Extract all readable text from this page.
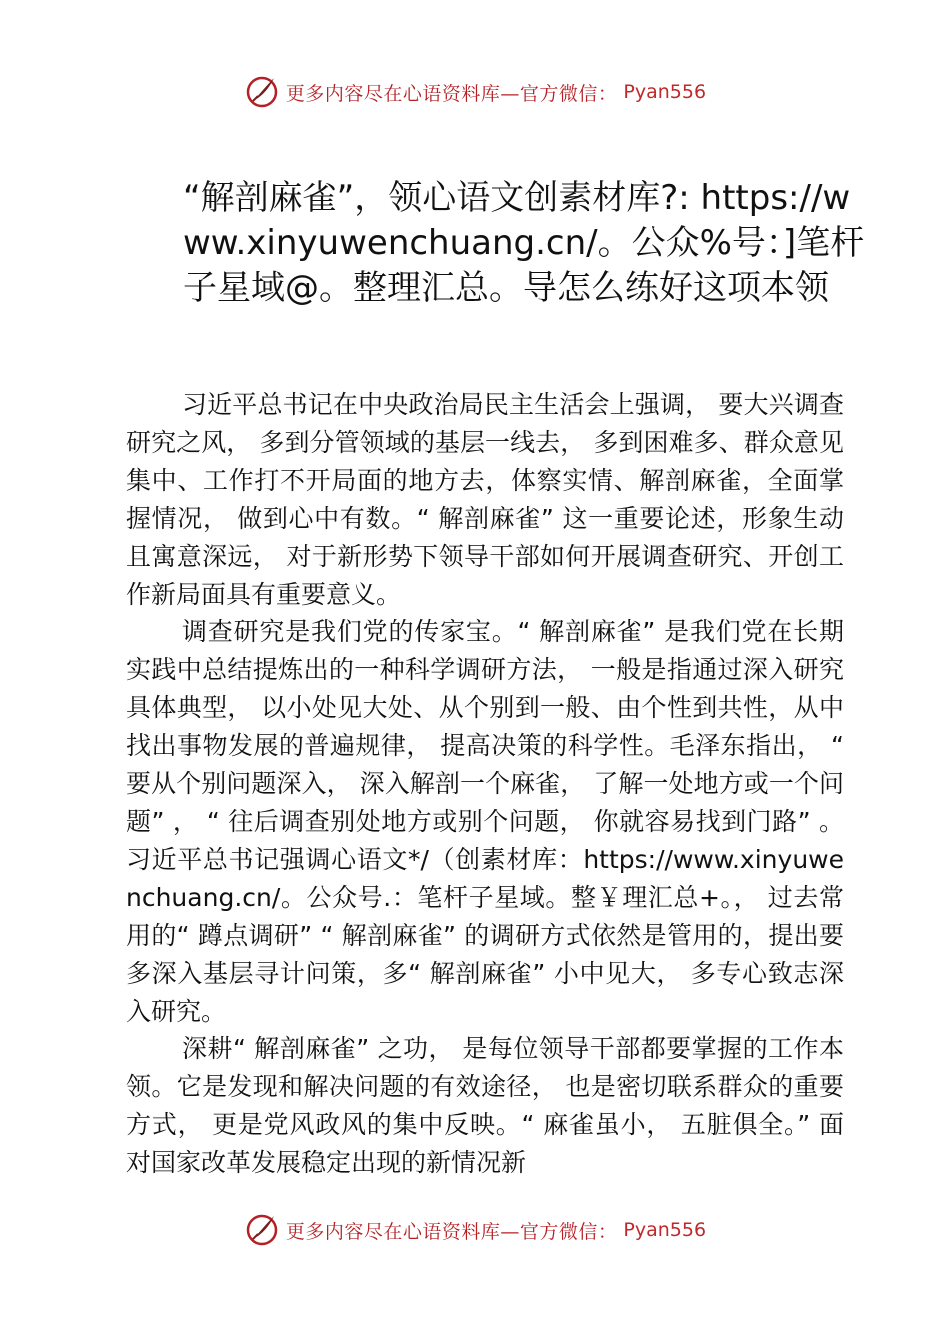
更多内容尽在心语资料库—官方微信： Pyan556
“解剖麻雀”，领心语文创素材库?: https://www.xinyuwenchuang.cn/。公众%号：]笔杆子星域@。整理汇总。导怎么练好这项本领

习近平总书记在中央政治局民主生活会上强调， 要大兴调查研究之风， 多到分管领域的基层一线去， 多到困难多、群众意见集中、工作打不开局面的地方去，体察实情、解剖麻雀，全面掌握情况， 做到心中有数。“ 解剖麻雀” 这一重要论述，形象生动且寓意深远， 对于新形势下领导干部如何开展调查研究、开创工作新局面具有重要意义。

调查研究是我们党的传家宝。“ 解剖麻雀” 是我们党在长期实践中总结提炼出的一种科学调研方法， 一般是指通过深入研究具体典型， 以小处见大处、从个别到一般、由个性到共性，从中找出事物发展的普遍规律， 提高决策的科学性。毛泽东指出， “ 要从个别问题深入， 深入解剖一个麻雀， 了解一处地方或一个问题” ， “ 往后调查别处地方或别个问题， 你就容易找到门路” 。习近平总书记强调心语文*/（创素材库：https://www.xinyuwenchuang.cn/。公众号.：笔杆子星域。整￥理汇总+。， 过去常用的“ 蹲点调研” “ 解剖麻雀” 的调研方式依然是管用的，提出要多深入基层寻计问策，多“ 解剖麻雀” 小中见大， 多专心致志深入研究。

深耕“ 解剖麻雀” 之功， 是每位领导干部都要掌握的工作本领。它是发现和解决问题的有效途径， 也是密切联系群众的重要方式， 更是党风政风的集中反映。“ 麻雀虽小， 五脏俱全。” 面对国家改革发展稳定出现的新情况新

更多内容尽在心语资料库—官方微信： Pyan556
